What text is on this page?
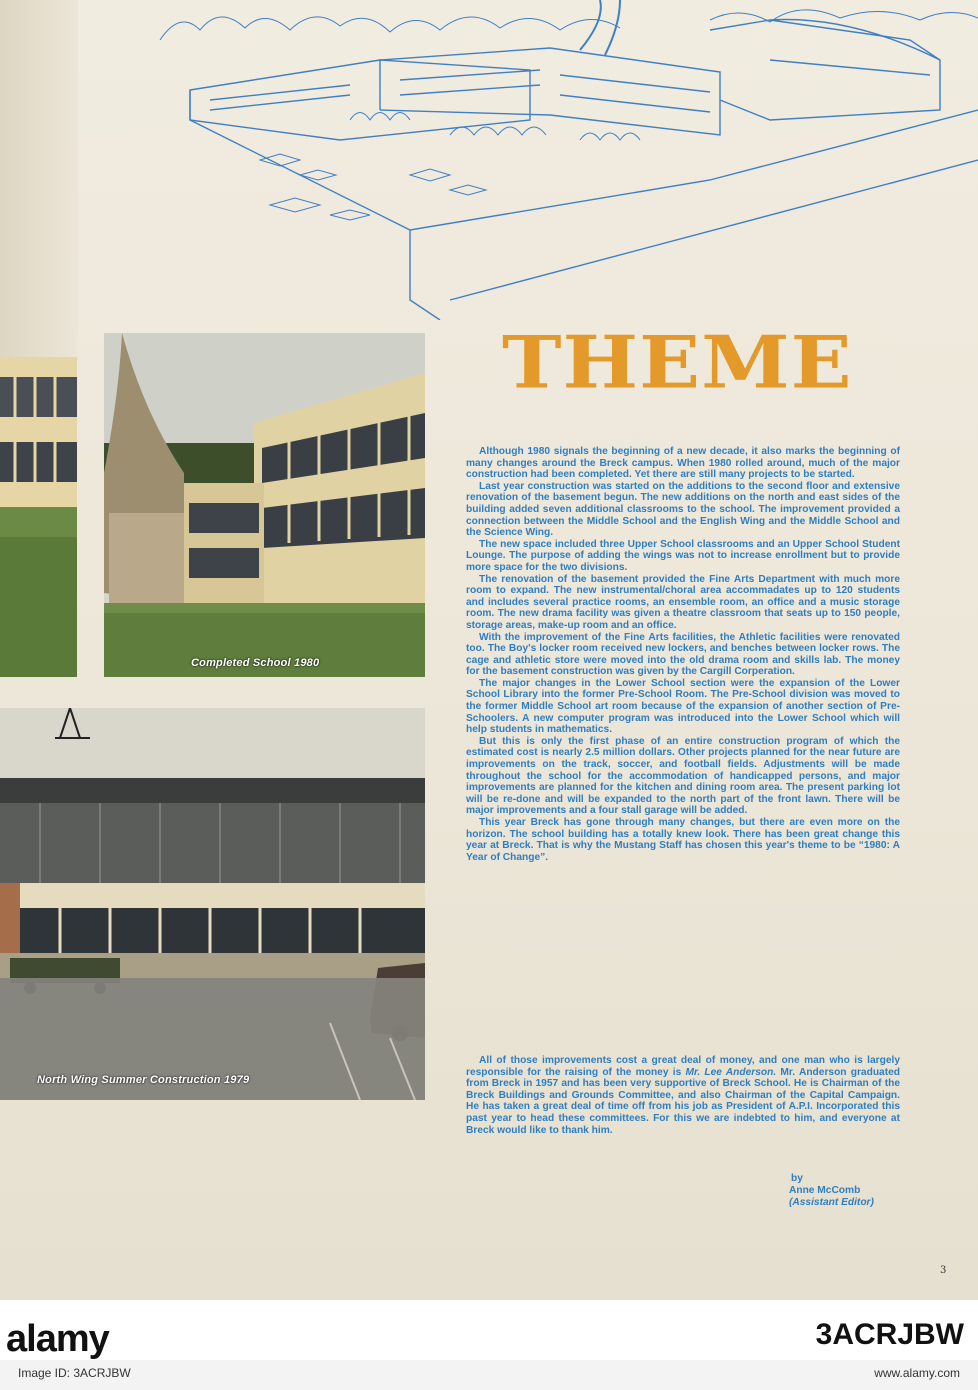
Completed School 1980
North Wing Summer Construction 1979
THEME

Although 1980 signals the beginning of a new decade, it also marks the beginning of many changes around the Breck campus. When 1980 rolled around, much of the major construction had been completed. Yet there are still many projects to be started.

Last year construction was started on the additions to the second floor and extensive renovation of the basement begun. The new additions on the north and east sides of the building added seven additional classrooms to the school. The improvement provided a connection between the Middle School and the English Wing and the Middle School and the Science Wing.

The new space included three Upper School classrooms and an Upper School Student Lounge. The purpose of adding the wings was not to increase enrollment but to provide more space for the two divisions.

The renovation of the basement provided the Fine Arts Department with much more room to expand. The new instrumental/choral area accommadates up to 120 students and includes several practice rooms, an ensemble room, an office and a music storage room. The new drama facility was given a theatre classroom that seats up to 150 people, storage areas, make-up room and an office.

With the improvement of the Fine Arts facilities, the Athletic facilities were renovated too. The Boy's locker room received new lockers, and benches between locker rows. The cage and athletic store were moved into the old drama room and skills lab. The money for the basement construction was given by the Cargill Corperation.

The major changes in the Lower School section were the expansion of the Lower School Library into the former Pre-School Room. The Pre-School division was moved to the former Middle School art room because of the expansion of another section of Pre-Schoolers. A new computer program was introduced into the Lower School which will help students in mathematics.

But this is only the first phase of an entire construction program of which the estimated cost is nearly 2.5 million dollars. Other projects planned for the near future are improvements on the track, soccer, and football fields. Adjustments will be made throughout the school for the accommodation of handicapped persons, and major improvements are planned for the kitchen and dining room area. The present parking lot will be re-done and will be expanded to the north part of the front lawn. There will be major improvements and a four stall garage will be added.

This year Breck has gone through many changes, but there are even more on the horizon. The school building has a totally knew look. There has been great change this year at Breck. That is why the Mustang Staff has chosen this year's theme to be “1980: A Year of Change”.

All of those improvements cost a great deal of money, and one man who is largely responsible for the raising of the money is Mr. Lee Anderson. Mr. Anderson graduated from Breck in 1957 and has been very supportive of Breck School. He is Chairman of the Breck Buildings and Grounds Committee, and also Chairman of the Capital Campaign. He has taken a great deal of time off from his job as President of A.P.I. Incorporated this past year to head these committees. For this we are indebted to him, and everyone at Breck would like to thank him.

by
Anne McComb
(Assistant Editor)
3
alamy	3ACRJBW
Image ID: 3ACRJBW	www.alamy.com
